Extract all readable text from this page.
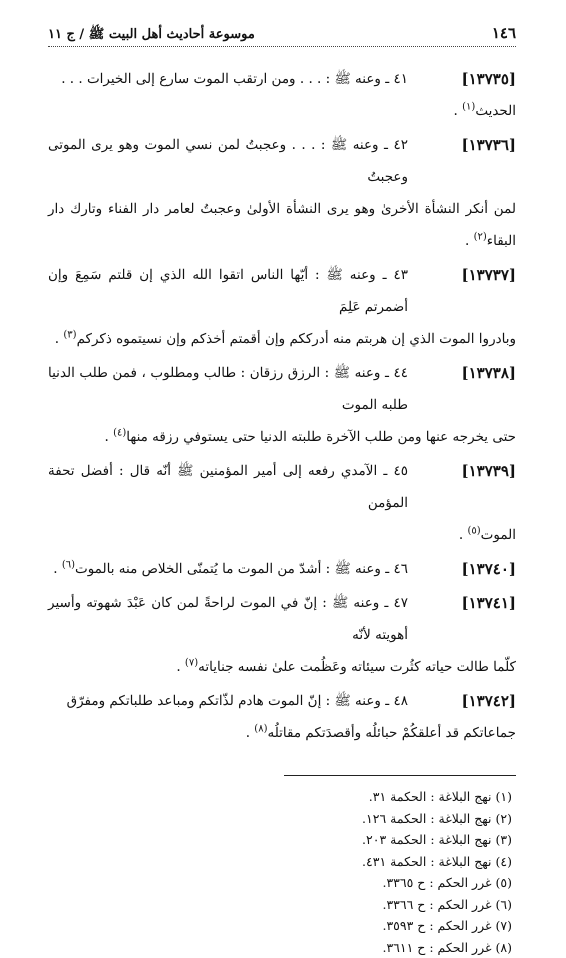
١٤٦
موسوعة أحاديث أهل البيت ﷺ / ج ١١
[١٣٧٣٥]
٤١ ـ وعنه ﷺ : . . . ومن ارتقب الموت سارع إلى الخيرات . . .
الحديث$^{(١)}$ .
[١٣٧٣٦]
٤٢ ـ وعنه ﷺ : . . . وعجبتُ لمن نسي الموت وهو يرى الموتى وعجبتُ
لمن أنكر النشأة الأخرىٰ وهو يرى النشأة الأولىٰ وعجبتُ لعامر دار الفناء وتارك دار البقاء$^{(٢)}$ .
[١٣٧٣٧]
٤٣ ـ وعنه ﷺ : أيّها الناس اتقوا الله الذي إن قلتم سَمِعَ وإن أضمرتم عَلِمَ
وبادروا الموت الذي إن هربتم منه أدرككم وإن أقمتم أخذكم وإن نسيتموه ذكركم$^{(٣)}$ .
[١٣٧٣٨]
٤٤ ـ وعنه ﷺ : الرزق رزقان : طالب ومطلوب ، فمن طلب الدنيا طلبه الموت
حتى يخرجه عنها ومن طلب الآخرة طلبته الدنيا حتى يستوفي رزقه منها$^{(٤)}$ .
[١٣٧٣٩]
٤٥ ـ الآمدي رفعه إلى أمير المؤمنين ﷺ أنّه قال : أفضل تحفة المؤمن
الموت$^{(٥)}$ .
[١٣٧٤٠]
٤٦ ـ وعنه ﷺ : أشدّ من الموت ما يُتمنّى الخلاص منه بالموت$^{(٦)}$ .
[١٣٧٤١]
٤٧ ـ وعنه ﷺ : إنّ في الموت لراحةً لمن كان عَبْدَ شهوته وأسير أهويته لأنّه
كلّما طالت حياته كثُرت سيئاته وعَظُمت علىٰ نفسه جناياته$^{(٧)}$ .
[١٣٧٤٢]
٤٨ ـ وعنه ﷺ : إنّ الموت هادم لذّاتكم ومباعد طلباتكم ومفرّق
جماعاتكم قد أعلقكُمْ حبائلُه وأقصدَتكم مقاتلُه$^{(٨)}$ .
(١) نهج البلاغة : الحكمة ٣١.
(٢) نهج البلاغة : الحكمة ١٢٦.
(٣) نهج البلاغة : الحكمة ٢٠٣.
(٤) نهج البلاغة : الحكمة ٤٣١.
(٥) غرر الحكم : ح ٣٣٦٥.
(٦) غرر الحكم : ح ٣٣٦٦.
(٧) غرر الحكم : ح ٣٥٩٣.
(٨) غرر الحكم : ح ٣٦١١.
